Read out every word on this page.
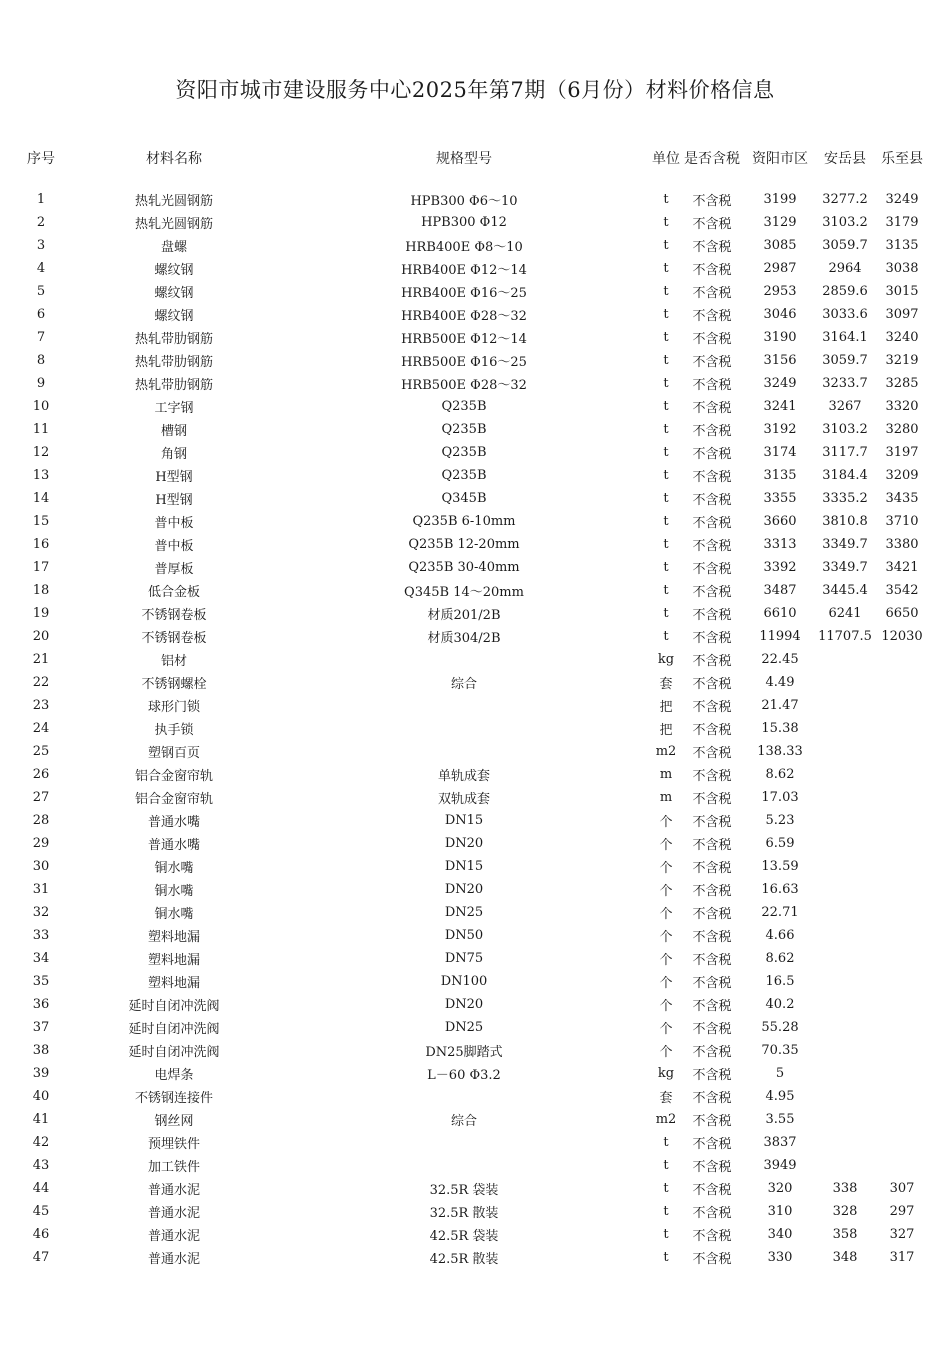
资阳市城市建设服务中心2025年第7期（6月份）材料价格信息
序号	材料名称	规格型号	单位	是否含税	资阳市区	安岳县	乐至县

1	热轧光圆钢筋	HPB300 Φ6～10	t	不含税	3199	3277.2	3249
2	热轧光圆钢筋	HPB300 Φ12	t	不含税	3129	3103.2	3179
3	盘螺	HRB400E Φ8～10	t	不含税	3085	3059.7	3135
4	螺纹钢	HRB400E Φ12～14	t	不含税	2987	2964	3038
5	螺纹钢	HRB400E Φ16～25	t	不含税	2953	2859.6	3015
6	螺纹钢	HRB400E Φ28～32	t	不含税	3046	3033.6	3097
7	热轧带肋钢筋	HRB500E Φ12～14	t	不含税	3190	3164.1	3240
8	热轧带肋钢筋	HRB500E Φ16～25	t	不含税	3156	3059.7	3219
9	热轧带肋钢筋	HRB500E Φ28～32	t	不含税	3249	3233.7	3285
10	工字钢	Q235B	t	不含税	3241	3267	3320
11	槽钢	Q235B	t	不含税	3192	3103.2	3280
12	角钢	Q235B	t	不含税	3174	3117.7	3197
13	H型钢	Q235B	t	不含税	3135	3184.4	3209
14	H型钢	Q345B	t	不含税	3355	3335.2	3435
15	普中板	Q235B 6-10mm	t	不含税	3660	3810.8	3710
16	普中板	Q235B 12-20mm	t	不含税	3313	3349.7	3380
17	普厚板	Q235B 30-40mm	t	不含税	3392	3349.7	3421
18	低合金板	Q345B 14～20mm	t	不含税	3487	3445.4	3542
19	不锈钢卷板	材质201/2B	t	不含税	6610	6241	6650
20	不锈钢卷板	材质304/2B	t	不含税	11994	11707.5	12030
21	铝材		kg	不含税	22.45		
22	不锈钢螺栓	综合	套	不含税	4.49		
23	球形门锁		把	不含税	21.47		
24	执手锁		把	不含税	15.38		
25	塑钢百页		m2	不含税	138.33		
26	铝合金窗帘轨	单轨成套	m	不含税	8.62		
27	铝合金窗帘轨	双轨成套	m	不含税	17.03		
28	普通水嘴	DN15	个	不含税	5.23		
29	普通水嘴	DN20	个	不含税	6.59		
30	铜水嘴	DN15	个	不含税	13.59		
31	铜水嘴	DN20	个	不含税	16.63		
32	铜水嘴	DN25	个	不含税	22.71		
33	塑料地漏	DN50	个	不含税	4.66		
34	塑料地漏	DN75	个	不含税	8.62		
35	塑料地漏	DN100	个	不含税	16.5		
36	延时自闭冲洗阀	DN20	个	不含税	40.2		
37	延时自闭冲洗阀	DN25	个	不含税	55.28		
38	延时自闭冲洗阀	DN25脚踏式	个	不含税	70.35		
39	电焊条	L－60 Φ3.2	kg	不含税	5		
40	不锈钢连接件		套	不含税	4.95		
41	钢丝网	综合	m2	不含税	3.55		
42	预埋铁件		t	不含税	3837		
43	加工铁件		t	不含税	3949		
44	普通水泥	32.5R 袋装	t	不含税	320	338	307
45	普通水泥	32.5R 散装	t	不含税	310	328	297
46	普通水泥	42.5R 袋装	t	不含税	340	358	327
47	普通水泥	42.5R 散装	t	不含税	330	348	317
